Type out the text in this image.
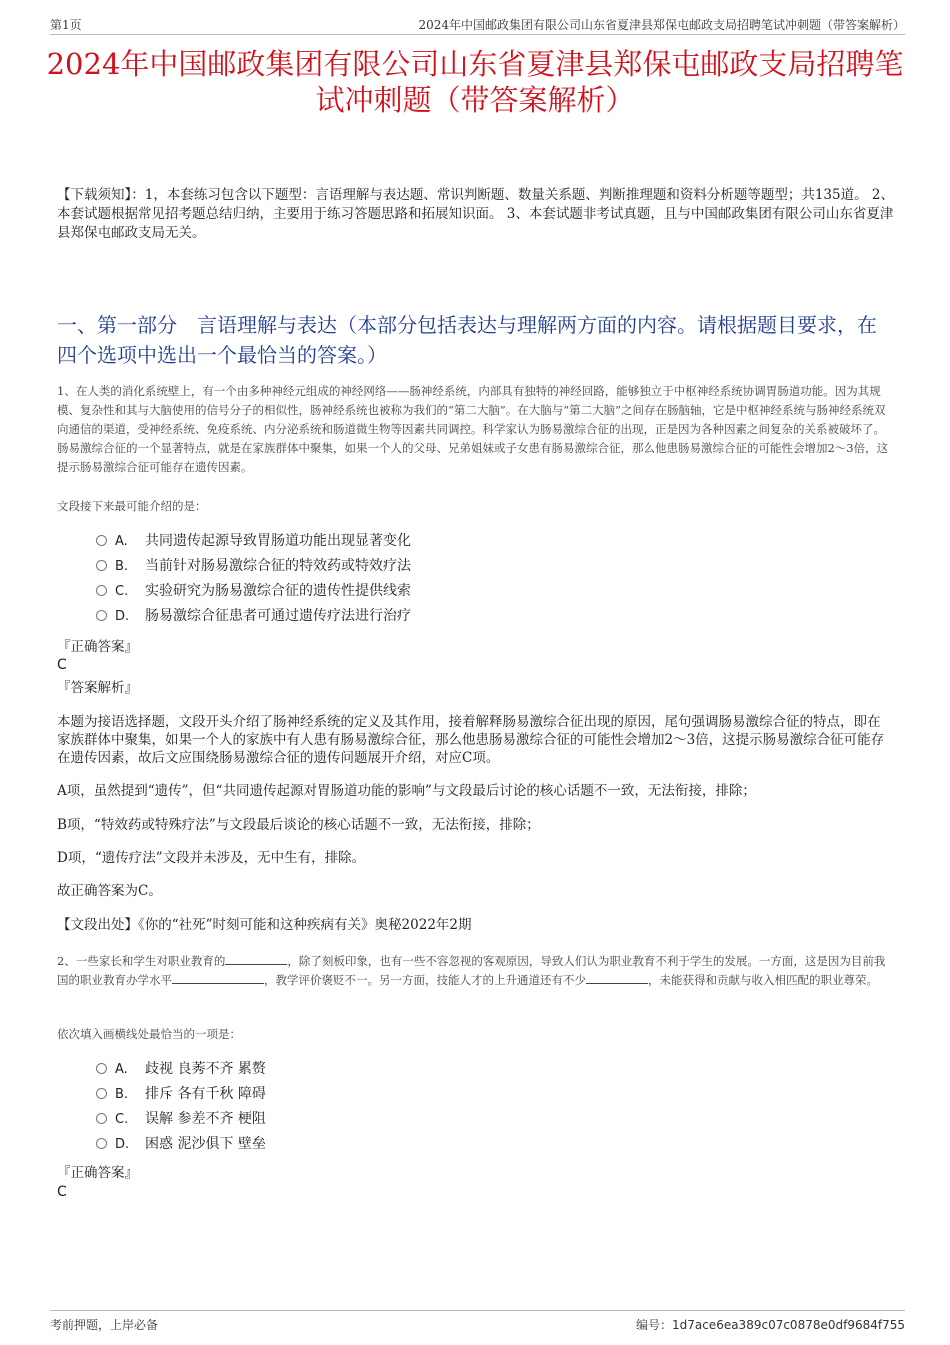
第1页	2024年中国邮政集团有限公司山东省夏津县郑保屯邮政支局招聘笔试冲刺题（带答案解析）
2024年中国邮政集团有限公司山东省夏津县郑保屯邮政支局招聘笔试冲刺题（带答案解析）
【下载须知】：1，本套练习包含以下题型：言语理解与表达题、常识判断题、数量关系题、判断推理题和资料分析题等题型；共135道。 2、本套试题根据常见招考题总结归纳，主要用于练习答题思路和拓展知识面。 3、本套试题非考试真题，且与中国邮政集团有限公司山东省夏津县郑保屯邮政支局无关。
一、第一部分　言语理解与表达（本部分包括表达与理解两方面的内容。请根据题目要求，在四个选项中选出一个最恰当的答案。）
1、在人类的消化系统壁上，有一个由多种神经元组成的神经网络——肠神经系统，内部具有独特的神经回路，能够独立于中枢神经系统协调胃肠道功能。因为其规模、复杂性和其与大脑使用的信号分子的相似性，肠神经系统也被称为我们的“第二大脑”。在大脑与“第二大脑”之间存在肠脑轴，它是中枢神经系统与肠神经系统双向通信的渠道，受神经系统、免疫系统、内分泌系统和肠道微生物等因素共同调控。科学家认为肠易激综合征的出现，正是因为各种因素之间复杂的关系被破坏了。肠易激综合征的一个显著特点，就是在家族群体中聚集，如果一个人的父母、兄弟姐妹或子女患有肠易激综合征，那么他患肠易激综合征的可能性会增加2～3倍，这提示肠易激综合征可能存在遗传因素。
文段接下来最可能介绍的是：
A. 共同遗传起源导致胃肠道功能出现显著变化
B. 当前针对肠易激综合征的特效药或特效疗法
C. 实验研究为肠易激综合征的遗传性提供线索
D. 肠易激综合征患者可通过遗传疗法进行治疗
『正确答案』
C
『答案解析』
本题为接语选择题，文段开头介绍了肠神经系统的定义及其作用，接着解释肠易激综合征出现的原因，尾句强调肠易激综合征的特点，即在家族群体中聚集，如果一个人的家族中有人患有肠易激综合征，那么他患肠易激综合征的可能性会增加2～3倍，这提示肠易激综合征可能存在遗传因素，故后文应围绕肠易激综合征的遗传问题展开介绍，对应C项。
A项，虽然提到“遗传”，但“共同遗传起源对胃肠道功能的影响”与文段最后讨论的核心话题不一致，无法衔接，排除；
B项，“特效药或特殊疗法”与文段最后谈论的核心话题不一致，无法衔接，排除；
D项，“遗传疗法”文段并未涉及，无中生有，排除。
故正确答案为C。
【文段出处】《你的“社死”时刻可能和这种疾病有关》奥秘2022年2期
2、一些家长和学生对职业教育的	，除了刻板印象，也有一些不容忽视的客观原因，导致人们认为职业教育不利于学生的发展。一方面，这是因为目前我国的职业教育办学水平	，教学评价褒贬不一。另一方面，技能人才的上升通道还有不少	，未能获得和贡献与收入相匹配的职业尊荣。
依次填入画横线处最恰当的一项是：
A. 歧视 良莠不齐 累赘
B. 排斥 各有千秋 障碍
C. 误解 参差不齐 梗阻
D. 困惑 泥沙俱下 壁垒
『正确答案』
C
考前押题，上岸必备	编号：1d7ace6ea389c07c0878e0df9684f755
